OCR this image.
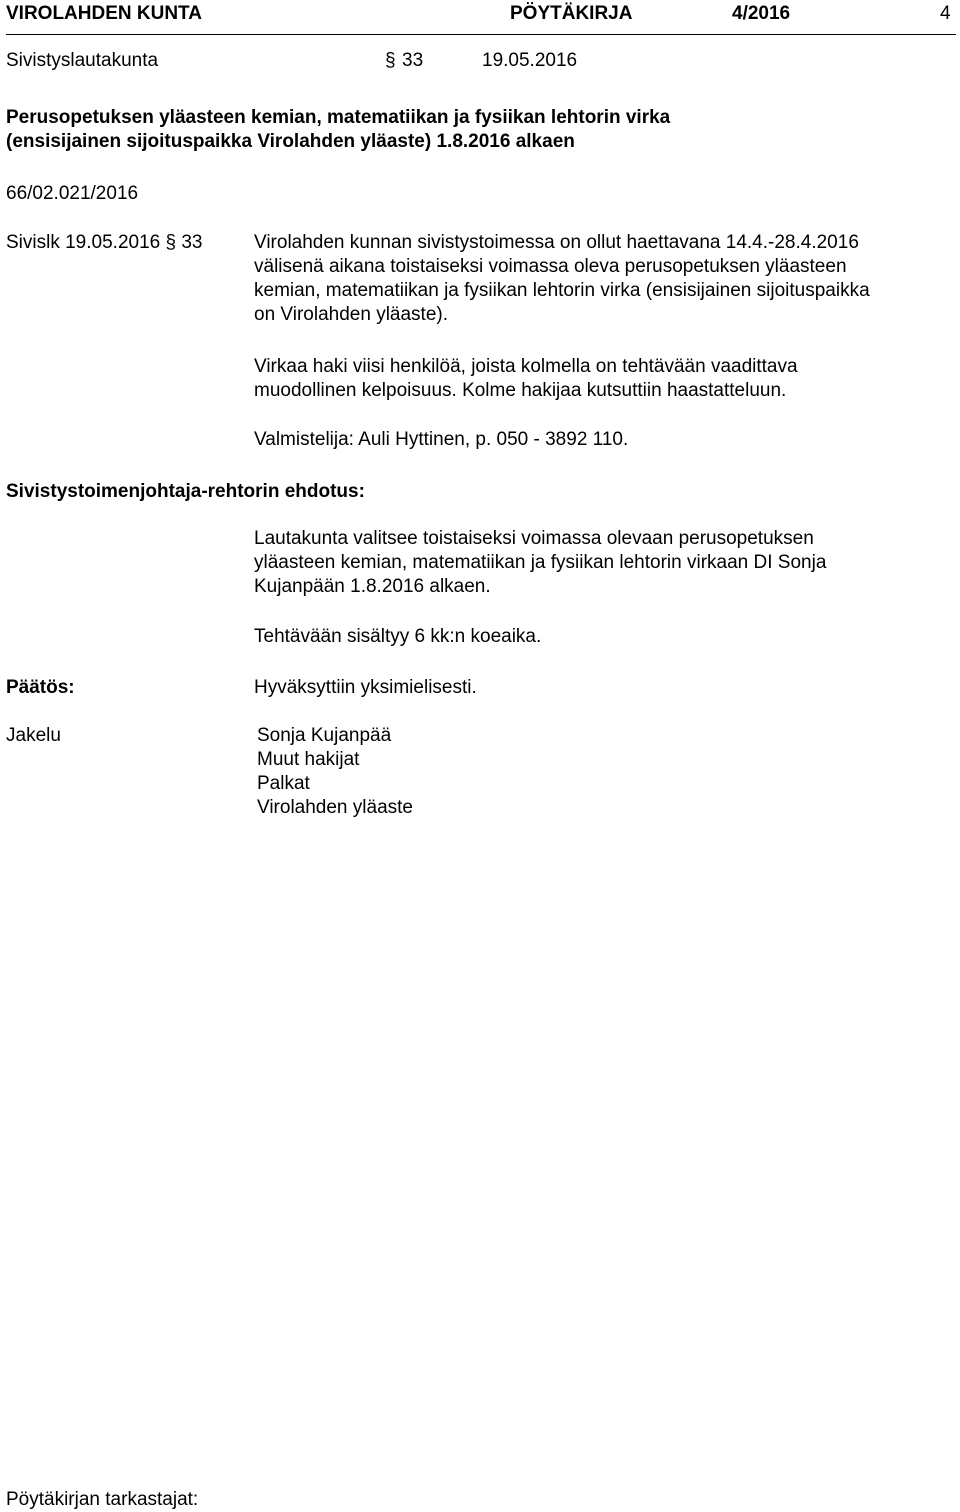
VIROLAHDEN KUNTA	PÖYTÄKIRJA	4/2016	4
Sivistyslautakunta	§ 33	19.05.2016
Perusopetuksen yläasteen kemian, matematiikan ja fysiikan lehtorin virka
(ensisijainen sijoituspaikka Virolahden yläaste) 1.8.2016 alkaen
66/02.021/2016
Sivislk 19.05.2016 § 33	Virolahden kunnan sivistystoimessa on ollut haettavana 14.4.-28.4.2016
välisenä aikana toistaiseksi voimassa oleva perusopetuksen yläasteen
kemian, matematiikan ja fysiikan lehtorin virka (ensisijainen sijoituspaikka
on Virolahden yläaste).
Virkaa haki viisi henkilöä, joista kolmella on tehtävään vaadittava
muodollinen kelpoisuus. Kolme hakijaa kutsuttiin haastatteluun.
Valmistelija: Auli Hyttinen, p. 050 - 3892 110.
Sivistystoimenjohtaja-rehtorin ehdotus:
Lautakunta valitsee toistaiseksi voimassa olevaan perusopetuksen
yläasteen kemian, matematiikan ja fysiikan lehtorin virkaan DI Sonja
Kujanpään 1.8.2016 alkaen.
Tehtävään sisältyy 6 kk:n koeaika.
Päätös:	Hyväksyttiin yksimielisesti.
Jakelu	Sonja Kujanpää
Muut hakijat
Palkat
Virolahden yläaste
Pöytäkirjan tarkastajat:
